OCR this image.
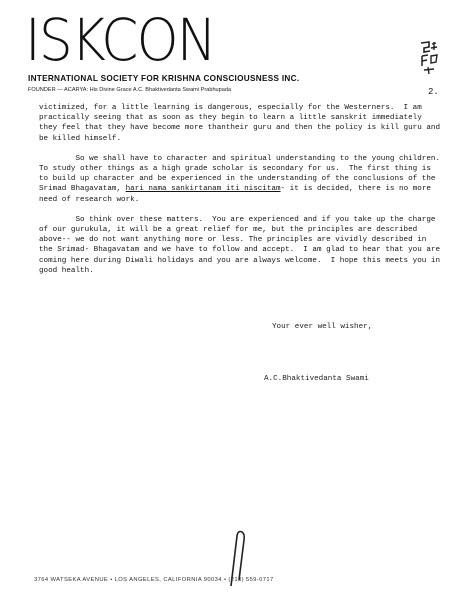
ISKCON
INTERNATIONAL SOCIETY FOR KRISHNA CONSCIOUSNESS INC.
FOUNDER — ACARYA: His Divine Grace A.C. Bhaktivedanta Swami Prabhupada	2.

victimized, for a little learning is dangerous, especially for the Westerners.  I am practically seeing that as soon as they begin to learn a little sanskrit immediately they feel that they have become more thantheir guru and then the policy is kill guru and be killed himself.

So we shall have to character and spiritual understanding to the young children.  To study other things as a high grade scholar is secondary for us.  The first thing is to build up character and be experienced in the understanding of the conclusions of the Srimad Bhagavatam, hari nama sankirtanam iti niscitam- it is decided, there is no more need of research work.

So think over these matters.  You are experienced and if you take up the charge of our gurukula, it will be a great relief for me, but the principles are described above-- we do not want anything more or less. The principles are vividly described in the Srimad- Bhagavatam and we have to follow and accept.  I am glad to hear that you are coming here during Diwali holidays and you are always welcome.  I hope this meets you in good health.

Your ever well wisher,
A.C.Bhaktivedanta Swami
3764 WATSEKA AVENUE • LOS ANGELES, CALIFORNIA 90034 • (213) 559-0717
